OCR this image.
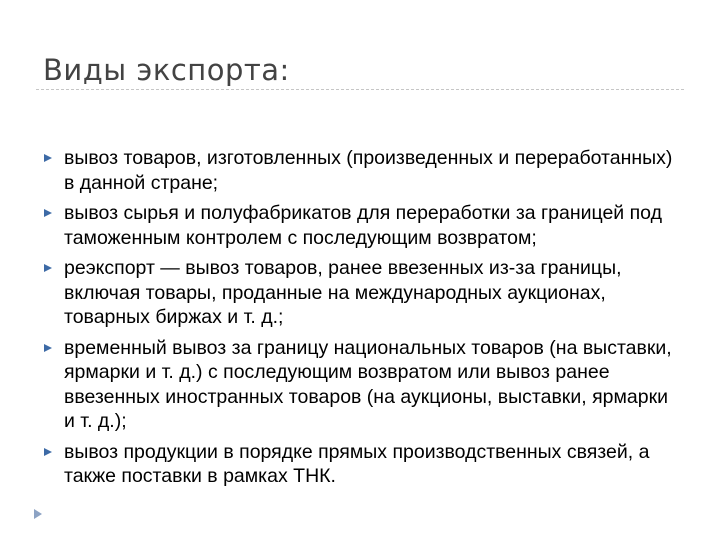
Виды экспорта:
вывоз товаров, изготовленных (произведенных и переработанных) в данной стране;
вывоз сырья и полуфабрикатов для переработки за границей под таможенным контролем с последующим возвратом;
реэкспорт — вывоз товаров, ранее ввезенных из-за границы, включая товары, проданные на международных аукционах, товарных биржах и т. д.;
временный вывоз за границу национальных товаров (на выставки, ярмарки и т. д.) с последующим возвратом или вывоз ранее ввезенных иностранных товаров (на аукционы, выставки, ярмарки и т. д.);
вывоз продукции в порядке прямых производственных связей, а также поставки в рамках ТНК.
